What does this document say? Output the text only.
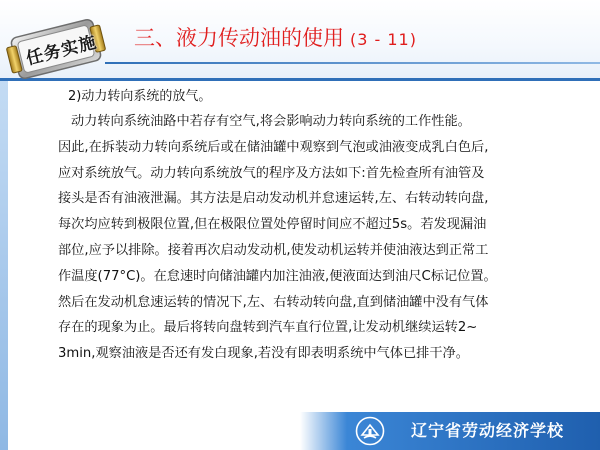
任务实施 三、液力传动油的使用 (3 - 11)
2)动力转向系统的放气。
动力转向系统油路中若存有空气,将会影响动力转向系统的工作性能。
因此,在拆装动力转向系统后或在储油罐中观察到气泡或油液变成乳白色后,
应对系统放气。动力转向系统放气的程序及方法如下:首先检查所有油管及
接头是否有油液泄漏。其方法是启动发动机并怠速运转,左、右转动转向盘,
每次均应转到极限位置,但在极限位置处停留时间应不超过5s。若发现漏油
部位,应予以排除。接着再次启动发动机,使发动机运转并使油液达到正常工
作温度(77°C)。在怠速时向储油罐内加注油液,便液面达到油尺C标记位置。
然后在发动机怠速运转的情况下,左、右转动转向盘,直到储油罐中没有气体
存在的现象为止。最后将转向盘转到汽车直行位置,让发动机继续运转2~
3min,观察油液是否还有发白现象,若没有即表明系统中气体已排干净。
辽宁省劳动经济学校
